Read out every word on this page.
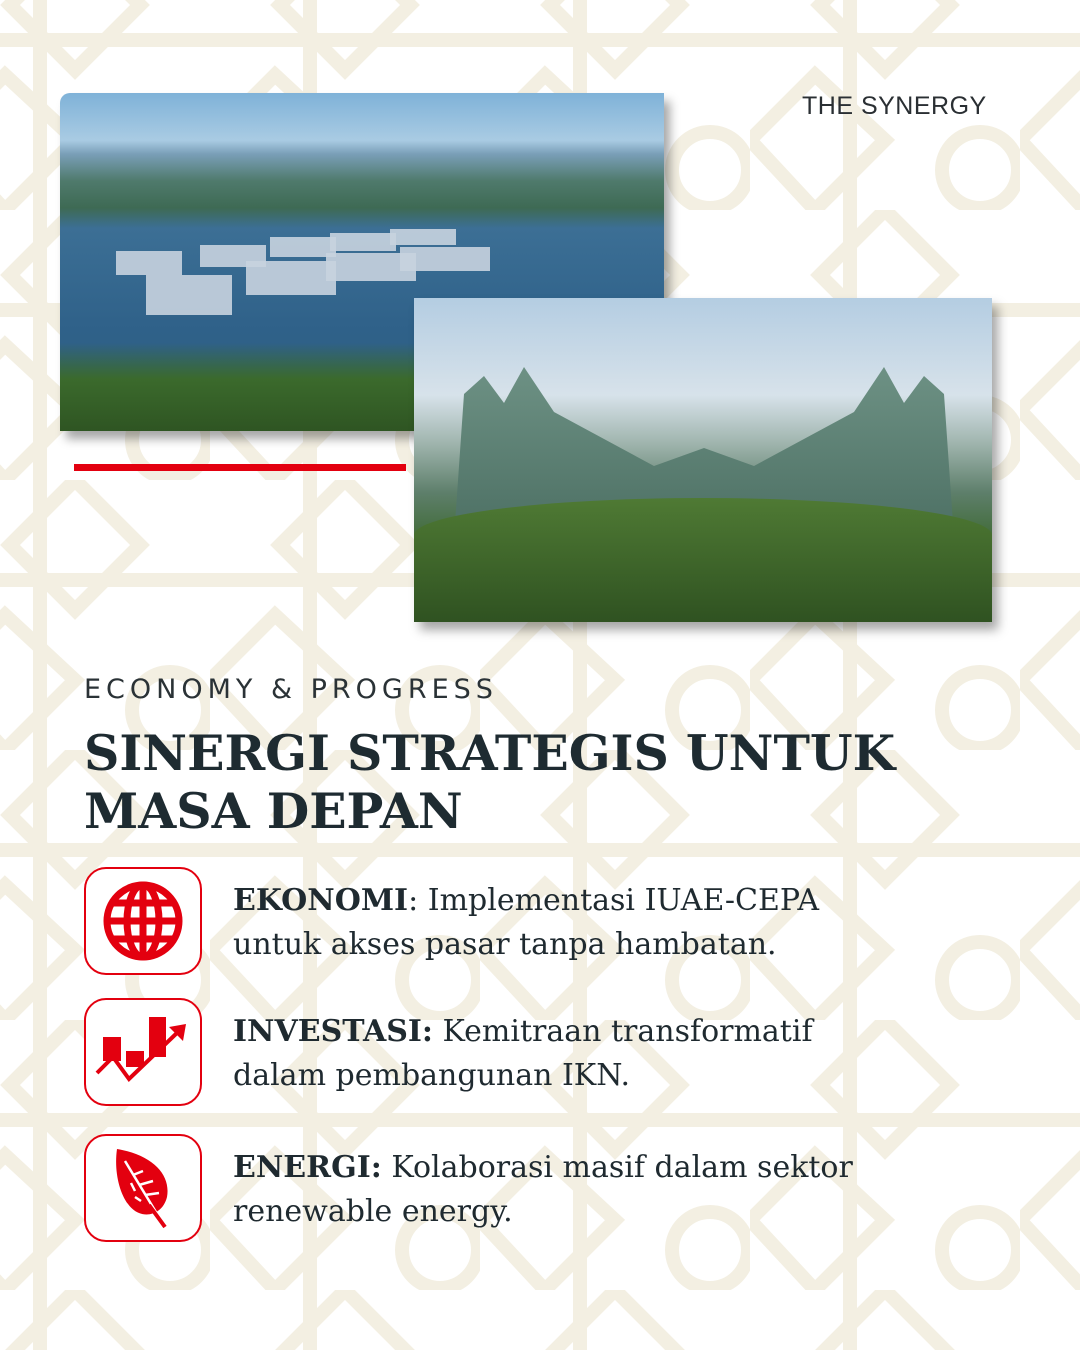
THE SYNERGY
ECONOMY & PROGRESS
SINERGI STRATEGIS UNTUK
MASA DEPAN
EKONOMI: Implementasi IUAE-CEPA untuk akses pasar tanpa hambatan.
INVESTASI: Kemitraan transformatif dalam pembangunan IKN.
ENERGI: Kolaborasi masif dalam sektor renewable energy.
